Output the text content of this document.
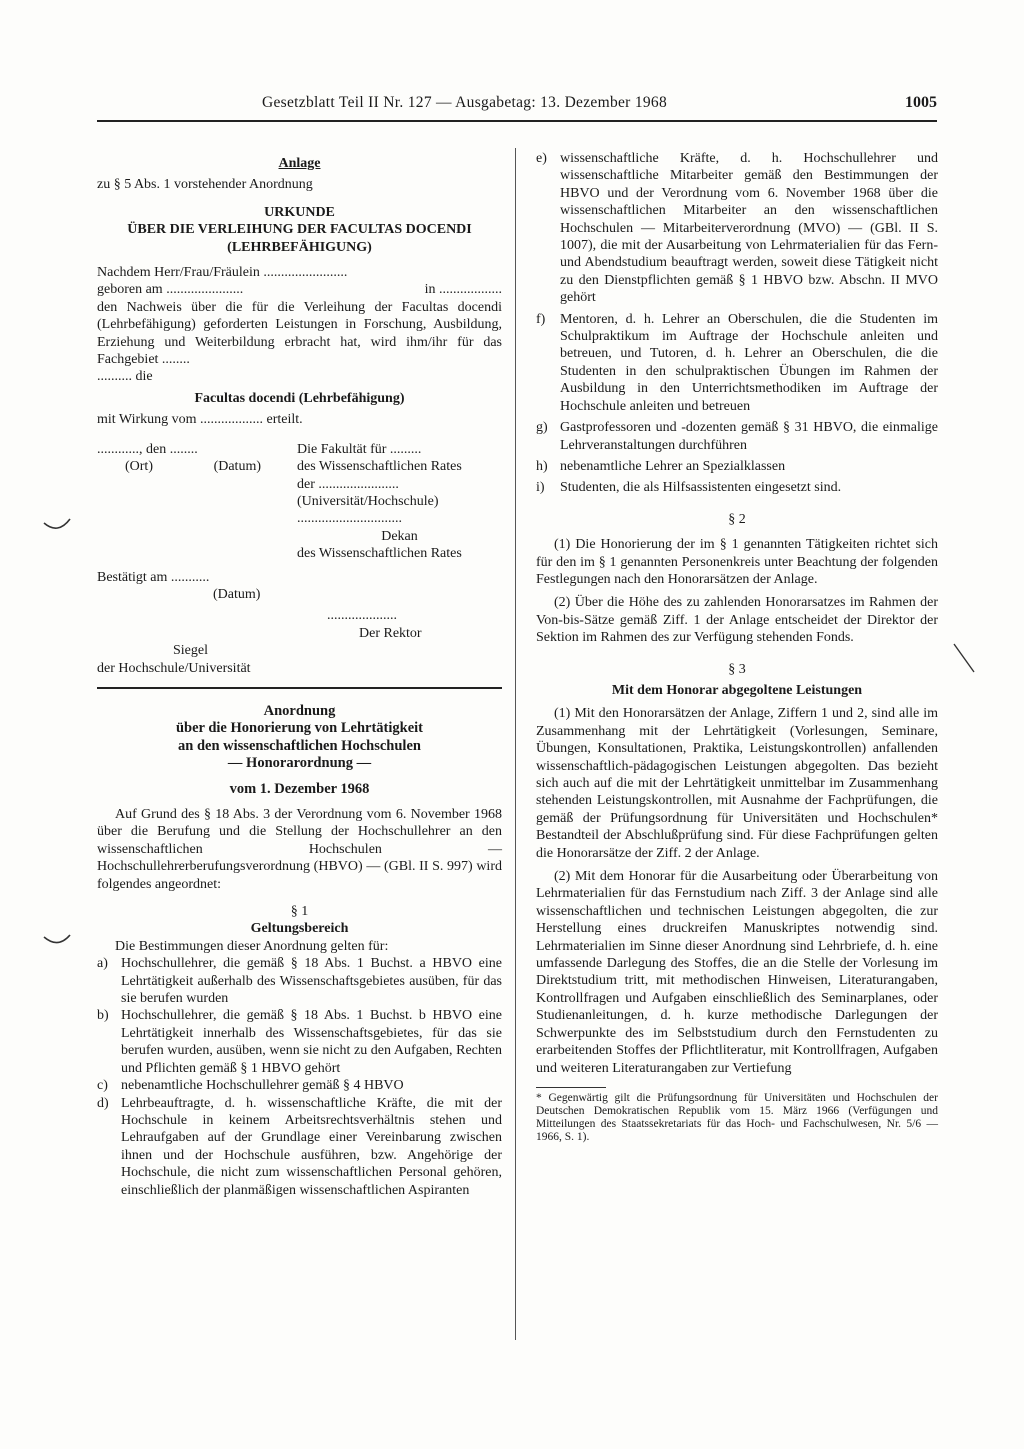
Gesetzblatt Teil II Nr. 127 — Ausgabetag: 13. Dezember 1968	1005
Anlage
zu § 5 Abs. 1 vorstehender Anordnung
URKUNDE
ÜBER DIE VERLEIHUNG DER FACULTAS DOCENDI
(LEHRBEFÄHIGUNG)

Nachdem Herr/Frau/Fräulein ........................

geboren am ......................	in ..................

den Nachweis über die für die Verleihung der Facultas docendi (Lehrbefähigung) geforderten Leistungen in Forschung, Ausbildung, Erziehung und Weiterbildung erbracht hat, wird ihm/ihr für das Fachgebiet ........

.......... die

Facultas docendi (Lehrbefähigung)

mit Wirkung vom .................. erteilt.

............, den ........
(Ort)	(Datum)
Die Fakultät für .........
des Wissenschaftlichen Rates
der .......................
(Universität/Hochschule)
..............................
Dekan
des Wissenschaftlichen Rates
Bestätigt am ...........
(Datum)
....................
Der Rektor
Siegel
der Hochschule/Universität
Anordnung
über die Honorierung von Lehrtätigkeit
an den wissenschaftlichen Hochschulen
— Honorarordnung —
vom 1. Dezember 1968

Auf Grund des § 18 Abs. 3 der Verordnung vom 6. November 1968 über die Berufung und die Stellung der Hochschullehrer an den wissenschaftlichen Hochschulen — Hochschullehrerberufungsverordnung (HBVO) — (GBl. II S. 997) wird folgendes angeordnet:

§ 1
Geltungsbereich

Die Bestimmungen dieser Anordnung gelten für:

a) Hochschullehrer, die gemäß § 18 Abs. 1 Buchst. a HBVO eine Lehrtätigkeit außerhalb des Wissenschaftsgebietes ausüben, für das sie berufen wurden
b) Hochschullehrer, die gemäß § 18 Abs. 1 Buchst. b HBVO eine Lehrtätigkeit innerhalb des Wissenschaftsgebietes, für das sie berufen wurden, ausüben, wenn sie nicht zu den Aufgaben, Rechten und Pflichten gemäß § 1 HBVO gehört
c) nebenamtliche Hochschullehrer gemäß § 4 HBVO
d) Lehrbeauftragte, d. h. wissenschaftliche Kräfte, die mit der Hochschule in keinem Arbeitsrechtsverhältnis stehen und Lehraufgaben auf der Grundlage einer Vereinbarung zwischen ihnen und der Hochschule ausführen, bzw. Angehörige der Hochschule, die nicht zum wissenschaftlichen Personal gehören, einschließlich der planmäßigen wissenschaftlichen Aspiranten
e) wissenschaftliche Kräfte, d. h. Hochschullehrer und wissenschaftliche Mitarbeiter gemäß den Bestimmungen der HBVO und der Verordnung vom 6. November 1968 über die wissenschaftlichen Mitarbeiter an den wissenschaftlichen Hochschulen — Mitarbeiterverordnung (MVO) — (GBl. II S. 1007), die mit der Ausarbeitung von Lehrmaterialien für das Fern- und Abendstudium beauftragt werden, soweit diese Tätigkeit nicht zu den Dienstpflichten gemäß § 1 HBVO bzw. Abschn. II MVO gehört
f)	Mentoren, d. h. Lehrer an Oberschulen, die die Studenten im Schulpraktikum im Auftrage der Hochschule anleiten und betreuen, und Tutoren, d. h. Lehrer an Oberschulen, die die Studenten in den schulpraktischen Übungen im Rahmen der Ausbildung in den Unterrichtsmethodiken im Auftrage der Hochschule anleiten und betreuen
g) Gastprofessoren und -dozenten gemäß § 31 HBVO, die einmalige Lehrveranstaltungen durchführen
h) nebenamtliche Lehrer an Spezialklassen
i)	Studenten, die als Hilfsassistenten eingesetzt sind.
§ 2

(1) Die Honorierung der im § 1 genannten Tätigkeiten richtet sich für den im § 1 genannten Personenkreis unter Beachtung der folgenden Festlegungen nach den Honorarsätzen der Anlage.

(2) Über die Höhe des zu zahlenden Honorarsatzes im Rahmen der Von-bis-Sätze gemäß Ziff. 1 der Anlage entscheidet der Direktor der Sektion im Rahmen des zur Verfügung stehenden Fonds.

§ 3
Mit dem Honorar abgegoltene Leistungen

(1) Mit den Honorarsätzen der Anlage, Ziffern 1 und 2, sind alle im Zusammenhang mit der Lehrtätigkeit (Vorlesungen, Seminare, Übungen, Konsultationen, Praktika, Leistungskontrollen) anfallenden wissenschaftlich-pädagogischen Leistungen abgegolten. Das bezieht sich auch auf die mit der Lehrtätigkeit unmittelbar im Zusammenhang stehenden Leistungskontrollen, mit Ausnahme der Fachprüfungen, die gemäß der Prüfungsordnung für Universitäten und Hochschulen* Bestandteil der Abschlußprüfung sind. Für diese Fachprüfungen gelten die Honorarsätze der Ziff. 2 der Anlage.

(2) Mit dem Honorar für die Ausarbeitung oder Überarbeitung von Lehrmaterialien für das Fernstudium nach Ziff. 3 der Anlage sind alle wissenschaftlichen und technischen Leistungen abgegolten, die zur Herstellung eines druckreifen Manuskriptes notwendig sind. Lehrmaterialien im Sinne dieser Anordnung sind Lehrbriefe, d. h. eine umfassende Darlegung des Stoffes, die an die Stelle der Vorlesung im Direktstudium tritt, mit methodischen Hinweisen, Literaturangaben, Kontrollfragen und Aufgaben einschließlich des Seminarplanes, oder Studienanleitungen, d. h. kurze methodische Darlegungen der Schwerpunkte des im Selbststudium durch den Fernstudenten zu erarbeitenden Stoffes der Pflichtliteratur, mit Kontrollfragen, Aufgaben und weiteren Literaturangaben zur Vertiefung

* Gegenwärtig gilt die Prüfungsordnung für Universitäten und Hochschulen der Deutschen Demokratischen Republik vom 15. März 1966 (Verfügungen und Mitteilungen des Staatssekretariats für das Hoch- und Fachschulwesen, Nr. 5/6 — 1966, S. 1).
